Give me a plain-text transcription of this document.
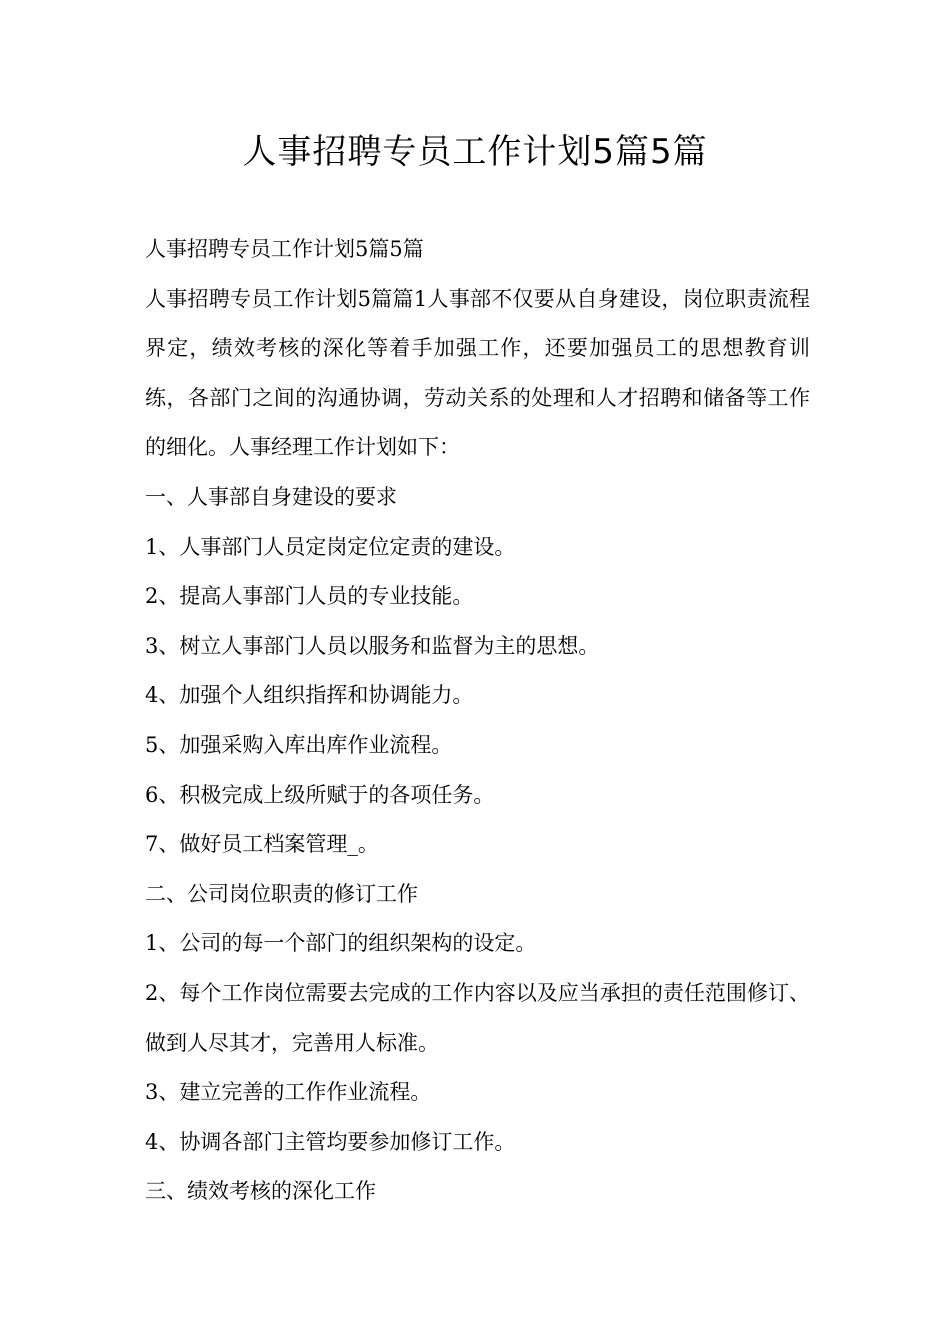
人事招聘专员工作计划5篇5篇

人事招聘专员工作计划5篇5篇

人事招聘专员工作计划5篇篇1人事部不仅要从自身建设，岗位职责流程界定，绩效考核的深化等着手加强工作，还要加强员工的思想教育训练，各部门之间的沟通协调，劳动关系的处理和人才招聘和储备等工作的细化。人事经理工作计划如下：

一、人事部自身建设的要求

1、人事部门人员定岗定位定责的建设。

2、提高人事部门人员的专业技能。

3、树立人事部门人员以服务和监督为主的思想。

4、加强个人组织指挥和协调能力。

5、加强采购入库出库作业流程。

6、积极完成上级所赋于的各项任务。

7、做好员工档案管理_。

二、公司岗位职责的修订工作

1、公司的每一个部门的组织架构的设定。

2、每个工作岗位需要去完成的工作内容以及应当承担的责任范围修订、做到人尽其才，完善用人标准。

3、建立完善的工作作业流程。

4、协调各部门主管均要参加修订工作。

三、绩效考核的深化工作
